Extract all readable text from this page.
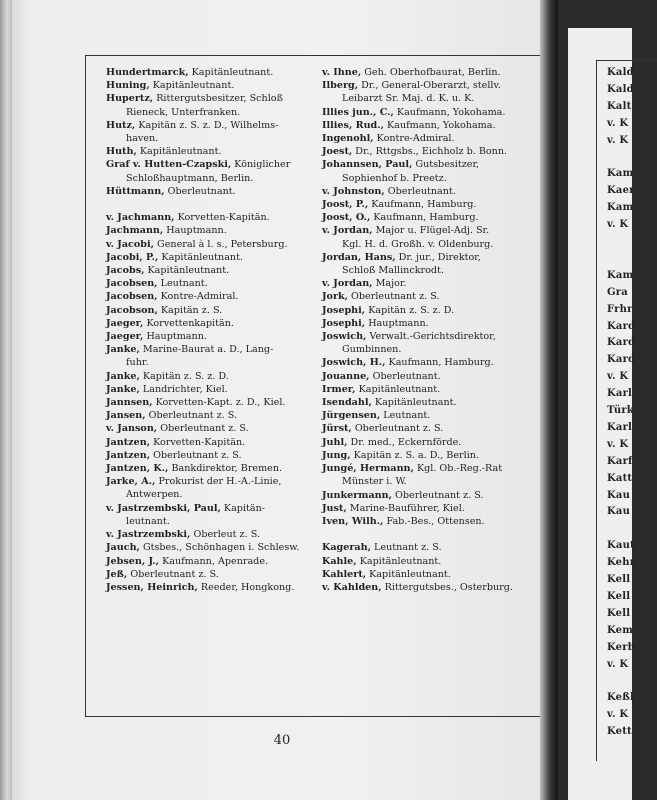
Hundertmarck, Kapitänleutnant.
Huning, Kapitänleutnant.
Hupertz, Rittergutsbesitzer, Schloß
Rieneck, Unterfranken.
Hutz, Kapitän z. S. z. D., Wilhelms-
haven.
Huth, Kapitänleutnant.
Graf v. Hutten-Czapski, Königlicher
Schloßhauptmann, Berlin.
Hüttmann, Oberleutnant.
v. Jachmann, Korvetten-Kapitän.
Jachmann, Hauptmann.
v. Jacobi, General à l. s., Petersburg.
Jacobi, P., Kapitänleutnant.
Jacobs, Kapitänleutnant.
Jacobsen, Leutnant.
Jacobsen, Kontre-Admiral.
Jacobson, Kapitän z. S.
Jaeger, Korvettenkapitän.
Jaeger, Hauptmann.
Janke, Marine-Baurat a. D., Lang-
fuhr.
Janke, Kapitän z. S. z. D.
Janke, Landrichter, Kiel.
Jannsen, Korvetten-Kapt. z. D., Kiel.
Jansen, Oberleutnant z. S.
v. Janson, Oberleutnant z. S.
Jantzen, Korvetten-Kapitän.
Jantzen, Oberleutnant z. S.
Jantzen, K., Bankdirektor, Bremen.
Jarke, A., Prokurist der H.-A.-Linie,
Antwerpen.
v. Jastrzembski, Paul, Kapitän-
leutnant.
v. Jastrzembski, Oberleut z. S.
Jauch, Gtsbes., Schönhagen i. Schlesw.
Jebsen, J., Kaufmann, Apenrade.
Jeß, Oberleutnant z. S.
Jessen, Heinrich, Reeder, Hongkong.
v. Ihne, Geh. Oberhofbaurat, Berlin.
Ilberg, Dr., General-Oberarzt, stellv.
Leibarzt Sr. Maj. d. K. u. K.
Illies jun., C., Kaufmann, Yokohama.
Illies, Rud., Kaufmann, Yokohama.
Ingenohl, Kontre-Admiral.
Joest, Dr., Rttgsbs., Eichholz b. Bonn.
Johannsen, Paul, Gutsbesitzer,
Sophienhof b. Preetz.
v. Johnston, Oberleutnant.
Joost, P., Kaufmann, Hamburg.
Joost, O., Kaufmann, Hamburg.
v. Jordan, Major u. Flügel-Adj. Sr.
Kgl. H. d. Großh. v. Oldenburg.
Jordan, Hans, Dr. jur., Direktor,
Schloß Mallinckrodt.
v. Jordan, Major.
Jork, Oberleutnant z. S.
Josephi, Kapitän z. S. z. D.
Josephi, Hauptmann.
Joswich, Verwalt.-Gerichtsdirektor,
Gumbinnen.
Joswich, H., Kaufmann, Hamburg.
Jouanne, Oberleutnant.
Irmer, Kapitänleutnant.
Isendahl, Kapitänleutnant.
Jürgensen, Leutnant.
Jürst, Oberleutnant z. S.
Juhl, Dr. med., Eckernförde.
Jung, Kapitän z. S. a. D., Berlin.
Jungé, Hermann, Kgl. Ob.-Reg.-Rat
Münster i. W.
Junkermann, Oberleutnant z. S.
Just, Marine-Bauführer, Kiel.
Iven, Wilh., Fab.-Bes., Ottensen.
Kagerah, Leutnant z. S.
Kahle, Kapitänleutnant.
Kahlert, Kapitänleutnant.
v. Kahlden, Rittergutsbes., Osterburg.
40
Kald
Kald
Kalt
v. K
v. K
Kam
Kaer
Kam
v. K
Kam
Gra
Frhr
Kard
Kard
Kard
v. K
Karl
Türk
Karl
v. K
Karf
Katt
Kau
Kau
Kaut
Kehr
Kell
Kell
Kell
Kem
Kerb
v. K
Keßl
v. K
Kett
